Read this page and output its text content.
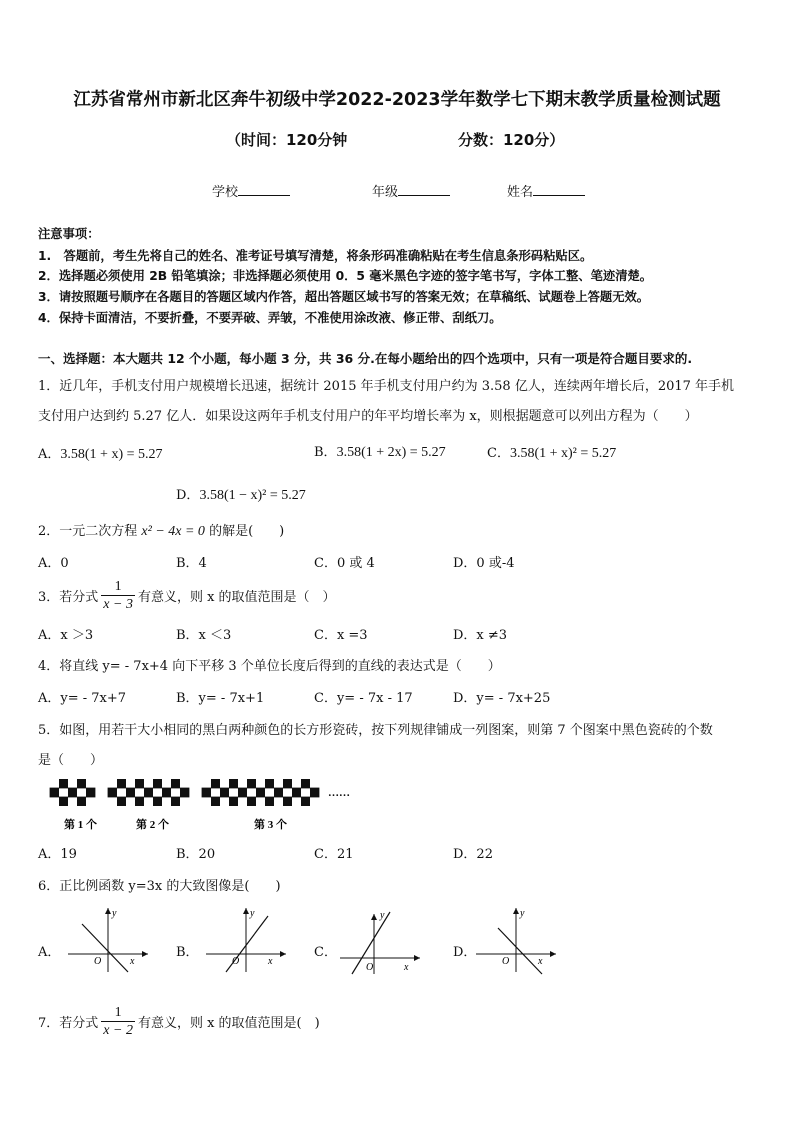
江苏省常州市新北区奔牛初级中学2022-2023学年数学七下期末教学质量检测试题
（时间：120分钟	分数：120分）
学校	年级	姓名
注意事项：
1.　答题前，考生先将自己的姓名、准考证号填写清楚，将条形码准确粘贴在考生信息条形码粘贴区。
2．选择题必须使用 2B 铅笔填涂；非选择题必须使用 0．5 毫米黑色字迹的签字笔书写，字体工整、笔迹清楚。
3．请按照题号顺序在各题目的答题区域内作答，超出答题区域书写的答案无效；在草稿纸、试题卷上答题无效。
4．保持卡面清洁，不要折叠，不要弄破、弄皱，不准使用涂改液、修正带、刮纸刀。
一、选择题：本大题共 12 个小题，每小题 3 分，共 36 分.在每小题给出的四个选项中，只有一项是符合题目要求的.
1．近几年，手机支付用户规模增长迅速，据统计 2015 年手机支付用户约为 3.58 亿人，连续两年增长后，2017 年手机
支付用户达到约 5.27 亿人．如果设这两年手机支付用户的年平均增长率为 x，则根据题意可以列出方程为（　　）
A．3.58(1 + x) = 5.27	B．3.58(1 + 2x) = 5.27	C．3.58(1 + x)² = 5.27
D．3.58(1 − x)² = 5.27
2．一元二次方程 x² − 4x = 0 的解是(　　)
A．0	B．4	C．0 或 4	D．0 或-4
3．若分式 $\frac{1}{x - 3}$ 有意义，则 x 的取值范围是（　）
A．x ＞3	B．x ＜3	C．x =3	D．x ≠3
4．将直线 y= - 7x+4 向下平移 3 个单位长度后得到的直线的表达式是（　　）
A．y= - 7x+7	B．y= - 7x+1	C．y= - 7x - 17	D．y= - 7x+25
5．如图，用若干大小相同的黑白两种颜色的长方形瓷砖，按下列规律铺成一列图案，则第 7 个图案中黑色瓷砖的个数
是（　　）
第 1 个	第 2 个	第 3 个
……
A．19	B．20	C．21	D．22
6．正比例函数 y=3x 的大致图像是(　　)
A．
y
x
O
B．
y
x
O
C．
y
x
O
D．
y
x
O
7．若分式 $\frac{1}{x - 2}$ 有意义，则 x 的取值范围是(　)
